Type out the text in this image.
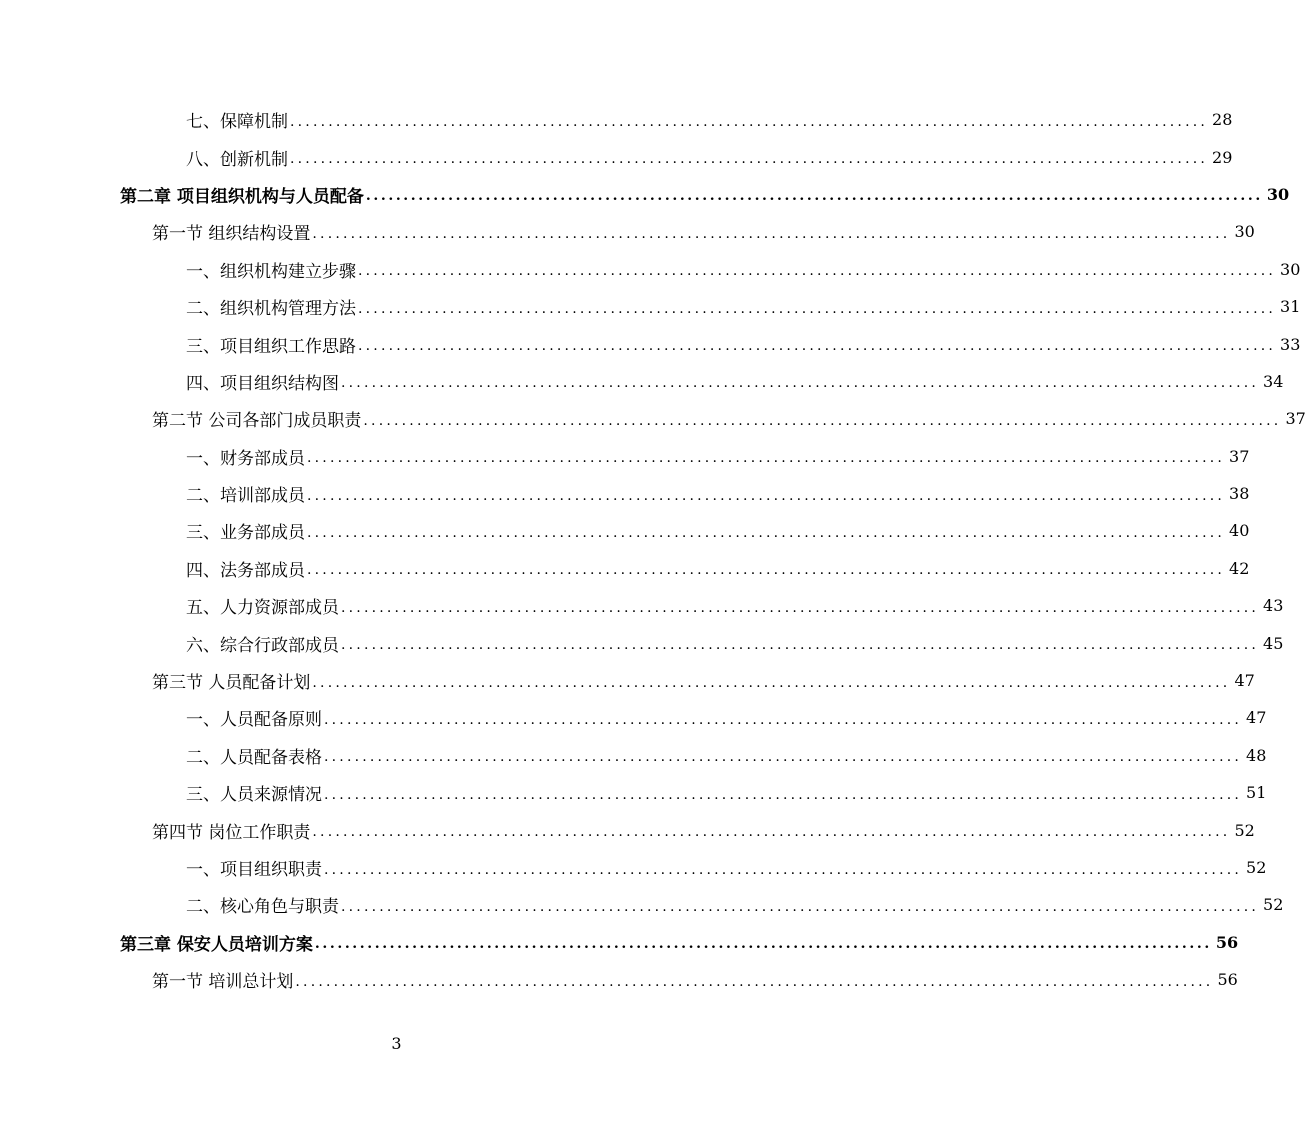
七、保障机制 ........................................................................................................................ 28
八、创新机制 ........................................................................................................................ 29
第二章 项目组织机构与人员配备 ........................................................................................................................ 30
第一节 组织结构设置 ........................................................................................................................ 30
一、组织机构建立步骤 ........................................................................................................................ 30
二、组织机构管理方法 ........................................................................................................................ 31
三、项目组织工作思路 ........................................................................................................................ 33
四、项目组织结构图 ........................................................................................................................ 34
第二节 公司各部门成员职责 ........................................................................................................................ 37
一、财务部成员 ........................................................................................................................ 37
二、培训部成员 ........................................................................................................................ 38
三、业务部成员 ........................................................................................................................ 40
四、法务部成员 ........................................................................................................................ 42
五、人力资源部成员 ........................................................................................................................ 43
六、综合行政部成员 ........................................................................................................................ 45
第三节 人员配备计划 ........................................................................................................................ 47
一、人员配备原则 ........................................................................................................................ 47
二、人员配备表格 ........................................................................................................................ 48
三、人员来源情况 ........................................................................................................................ 51
第四节 岗位工作职责 ........................................................................................................................ 52
一、项目组织职责 ........................................................................................................................ 52
二、核心角色与职责 ........................................................................................................................ 52
第三章 保安人员培训方案 ........................................................................................................................ 56
第一节 培训总计划 ........................................................................................................................ 56
3
